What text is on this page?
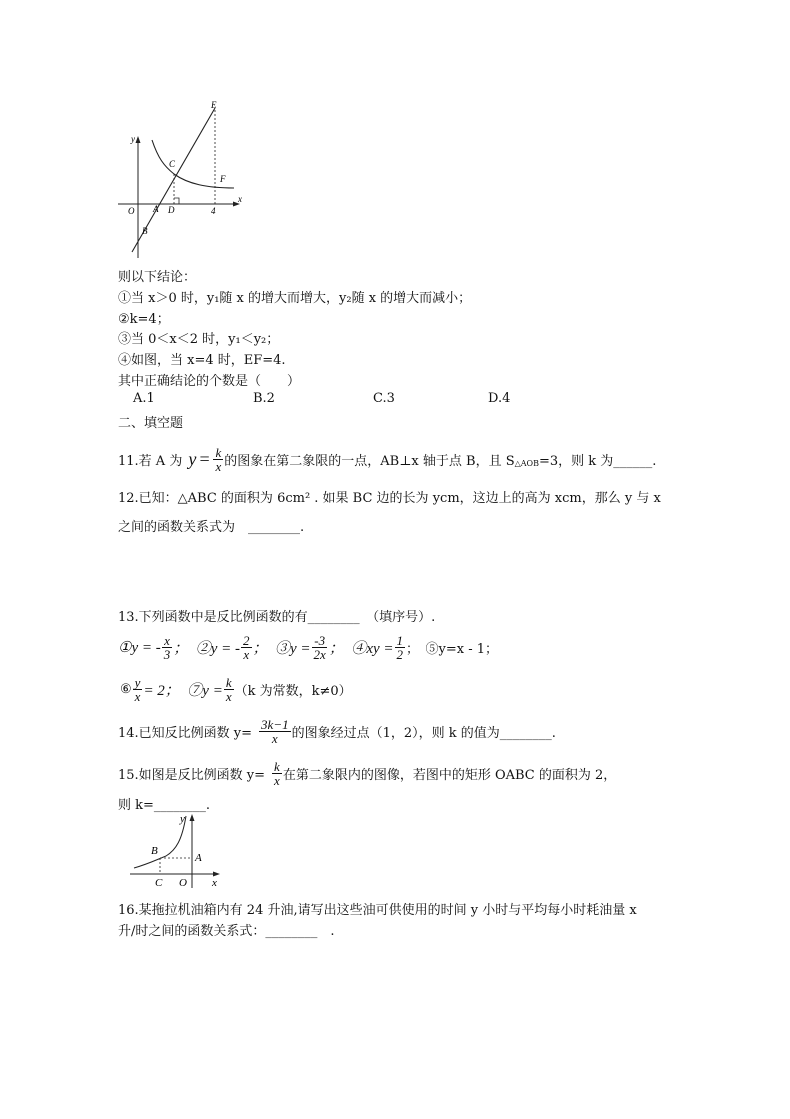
y
x
O A D
B
C
E
F
4
则以下结论：
①当 x＞0 时，y₁随 x 的增大而增大，y₂随 x 的增大而减小；
②k=4；
③当 0＜x＜2 时，y₁＜y₂；
④如图，当 x=4 时，EF=4.
其中正确结论的个数是（　　）
A.1	B.2	C.3	D.4
二、填空题
11.若 A 为 $y = \frac{k}{x}$ 的图象在第二象限的一点，AB⊥x 轴于点 B，且 S △AOB =3，则 k 为______.
12.已知：△ABC 的面积为 6cm² . 如果 BC 边的长为 ycm，这边上的高为 xcm，那么 y 与 x
之间的函数关系式为　________.
13.下列函数中是反比例函数的有________　（填序号）.
①y = - $\frac{x}{3}$ ；　②y = - $\frac{2}{x}$ ；　③y = $\frac{-3}{2x}$ ；　④xy = $\frac{1}{2}$ ；　⑤y=x - 1；
⑥ $\frac{y}{x} = 2$；　⑦y = $\frac{k}{x} (k$ 为常数，k≠0）
14.已知反比例函数 $y= \frac{3k-1}{x}$ 的图象经过点（1，2），则 k 的值为________.
15.如图是反比例函数 $y= \frac{k}{x}$ 在第二象限内的图像，若图中的矩形 OABC 的面积为 2，
则 k=________.
y
x
B
A
C O
16.某拖拉机油箱内有 24 升油,请写出这些油可供使用的时间 y 小时与平均每小时耗油量 x
升/时之间的函数关系式：________　.
